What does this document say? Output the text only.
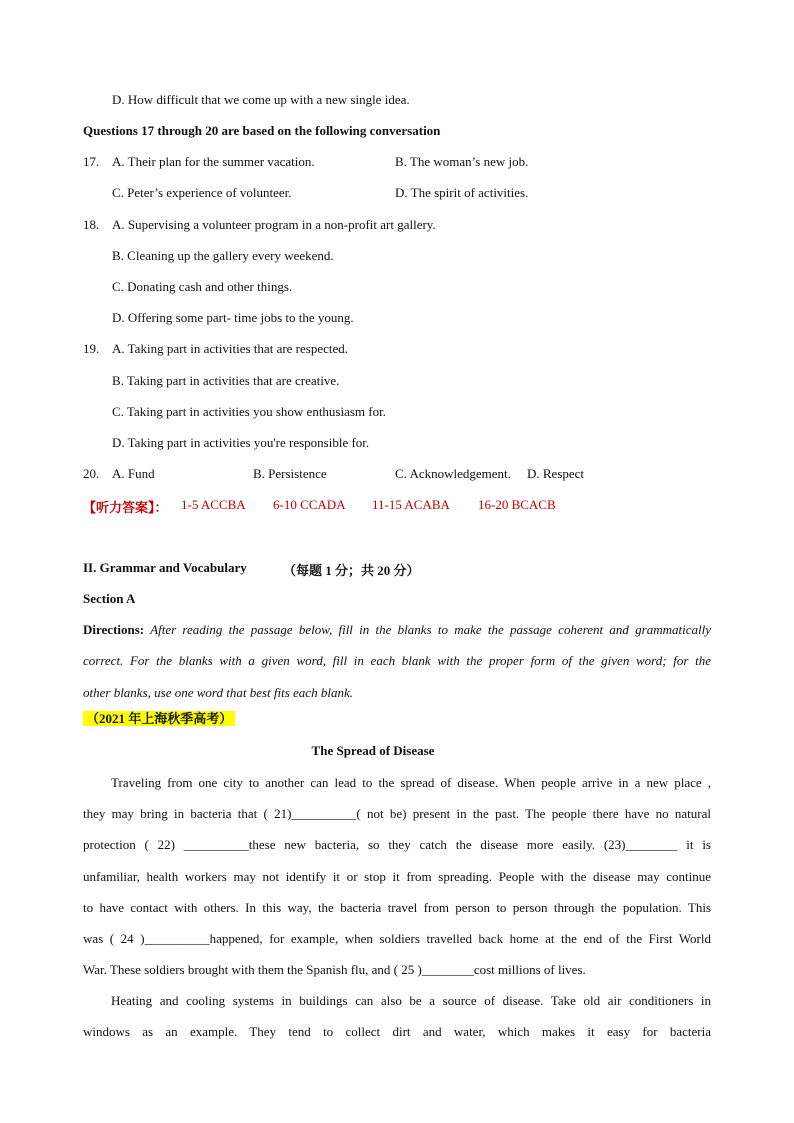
D. How difficult that we come up with a new single idea.
Questions 17 through 20 are based on the following conversation
17. A. Their plan for the summer vacation.	B. The woman’s new job.
C. Peter’s experience of volunteer.	D. The spirit of activities.
18. A. Supervising a volunteer program in a non-profit art gallery.
B. Cleaning up the gallery every weekend.
C. Donating cash and other things.
D. Offering some part- time jobs to the young.
19. A. Taking part in activities that are respected.
B. Taking part in activities that are creative.
C. Taking part in activities you show enthusiasm for.
D. Taking part in activities you're responsible for.
20. A. Fund	B. Persistence	C. Acknowledgement. D. Respect
【听力答案】： 1-5 ACCBA 6-10 CCADA 11-15 ACABA 16-20 BCACB
II. Grammar and Vocabulary	（每题 1 分；共 20 分）
Section A
Directions: After reading the passage below, fill in the blanks to make the passage coherent and grammatically
correct. For the blanks with a given word, fill in each blank with the proper form of the given word; for the
other blanks, use one word that best fits each blank.
（2021 年上海秋季高考）
The Spread of Disease

Traveling from one city to another can lead to the spread of disease. When people arrive in a new place ,

they may bring in bacteria that ( 21)__________( not be) present in the past. The people there have no natural

protection ( 22) __________these new bacteria, so they catch the disease more easily. (23)________ it is

unfamiliar, health workers may not identify it or stop it from spreading. People with the disease may continue

to have contact with others. In this way, the bacteria travel from person to person through the population. This

was ( 24 )__________happened, for example, when soldiers travelled back home at the end of the First World

War. These soldiers brought with them the Spanish flu, and ( 25 )________cost millions of lives.

Heating and cooling systems in buildings can also be a source of disease. Take old air conditioners in

windows as an example. They tend to collect dirt and water, which makes it easy for bacteria
